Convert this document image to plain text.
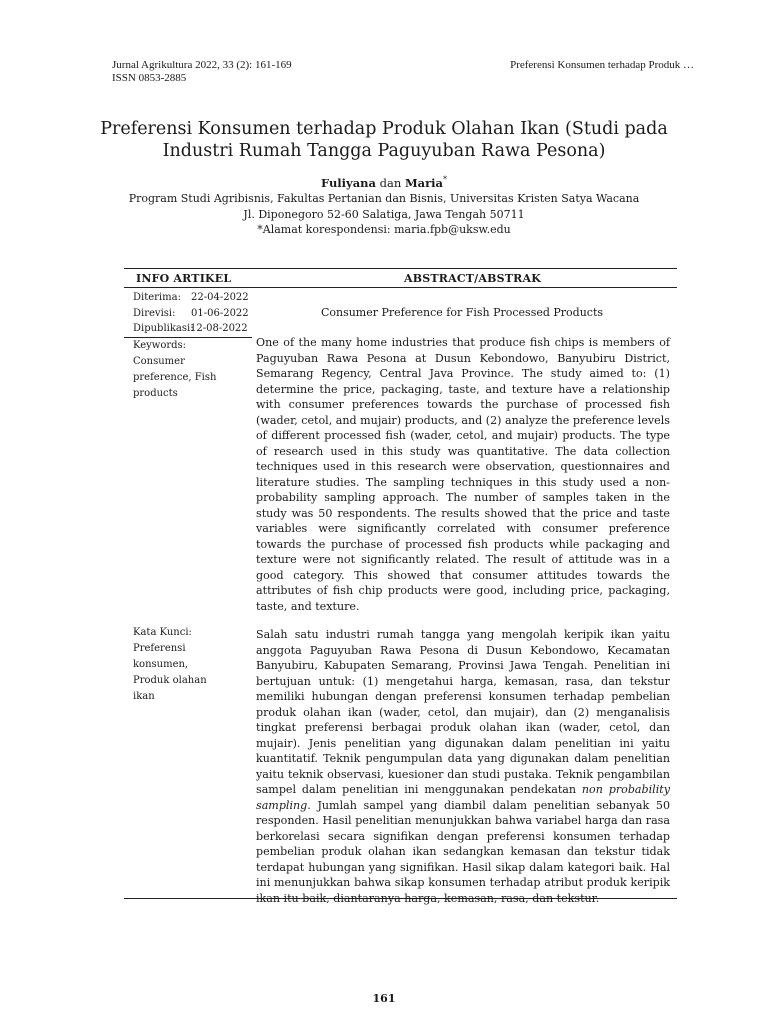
Jurnal Agrikultura 2022, 33 (2): 161-169
ISSN 0853-2885
Preferensi Konsumen terhadap Produk …
Preferensi Konsumen terhadap Produk Olahan Ikan (Studi pada Industri Rumah Tangga Paguyuban Rawa Pesona)
Fuliyana dan Maria*
Program Studi Agribisnis, Fakultas Pertanian dan Bisnis, Universitas Kristen Satya Wacana
Jl. Diponegoro 52-60 Salatiga, Jawa Tengah 50711
*Alamat korespondensi: maria.fpb@uksw.edu
INFO ARTIKEL	ABSTRACT/ABSTRAK
Diterima: 22-04-2022
Direvisi: 01-06-2022
Dipublikasi:
12-08-2022
Keywords:
Consumer
preference, Fish
products
Kata Kunci:
Preferensi
konsumen,
Produk olahan
ikan
Consumer Preference for Fish Processed Products
One of the many home industries that produce fish chips is members of Paguyuban Rawa Pesona at Dusun Kebondowo, Banyubiru District, Semarang Regency, Central Java Province. The study aimed to: (1) determine the price, packaging, taste, and texture have a relationship with consumer preferences towards the purchase of processed fish (wader, cetol, and mujair) products, and (2) analyze the preference levels of different processed fish (wader, cetol, and mujair) products. The type of research used in this study was quantitative. The data collection techniques used in this research were observation, questionnaires and literature studies. The sampling techniques in this study used a non-probability sampling approach. The number of samples taken in the study was 50 respondents. The results showed that the price and taste variables were significantly correlated with consumer preference towards the purchase of processed fish products while packaging and texture were not significantly related. The result of attitude was in a good category. This showed that consumer attitudes towards the attributes of fish chip products were good, including price, packaging, taste, and texture.
Salah satu industri rumah tangga yang mengolah keripik ikan yaitu anggota Paguyuban Rawa Pesona di Dusun Kebondowo, Kecamatan Banyubiru, Kabupaten Semarang, Provinsi Jawa Tengah. Penelitian ini bertujuan untuk: (1) mengetahui harga, kemasan, rasa, dan tekstur memiliki hubungan dengan preferensi konsumen terhadap pembelian produk olahan ikan (wader, cetol, dan mujair), dan (2) menganalisis tingkat preferensi berbagai produk olahan ikan (wader, cetol, dan mujair). Jenis penelitian yang digunakan dalam penelitian ini yaitu kuantitatif. Teknik pengumpulan data yang digunakan dalam penelitian yaitu teknik observasi, kuesioner dan studi pustaka. Teknik pengambilan sampel dalam penelitian ini menggunakan pendekatan non probability sampling. Jumlah sampel yang diambil dalam penelitian sebanyak 50 responden. Hasil penelitian menunjukkan bahwa variabel harga dan rasa berkorelasi secara signifikan dengan preferensi konsumen terhadap pembelian produk olahan ikan sedangkan kemasan dan tekstur tidak terdapat hubungan yang signifikan. Hasil sikap dalam kategori baik. Hal ini menunjukkan bahwa sikap konsumen terhadap atribut produk keripik ikan itu baik, diantaranya harga, kemasan, rasa, dan tekstur.
161
